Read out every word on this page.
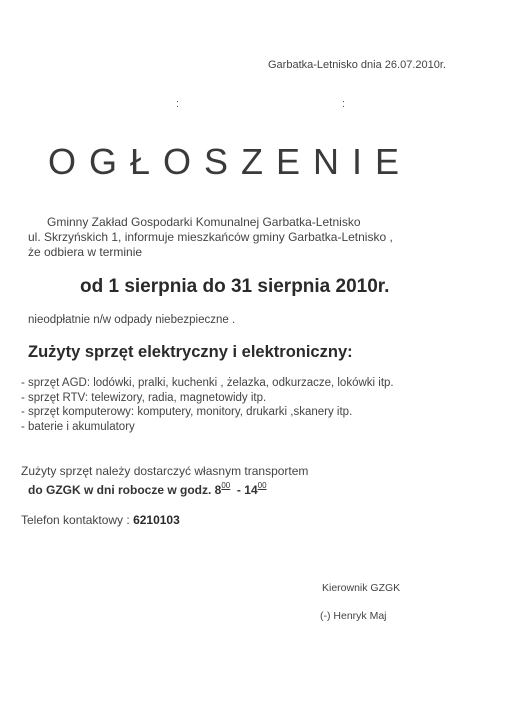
Garbatka-Letnisko dnia 26.07.2010r.
:	:
OGŁOSZENIE
Gminny Zakład Gospodarki Komunalnej Garbatka-Letnisko
ul. Skrzyńskich 1, informuje mieszkańców gminy Garbatka-Letnisko ,
że odbiera w terminie
od 1 sierpnia do 31 sierpnia 2010r.
nieodpłatnie n/w odpady niebezpieczne .
Zużyty sprzęt elektryczny i elektroniczny:
- sprzęt AGD: lodówki, pralki, kuchenki , żelazka, odkurzacze, lokówki itp.
- sprzęt RTV: telewizory, radia, magnetowidy itp.
- sprzęt komputerowy: komputery, monitory, drukarki ,skanery itp.
- baterie i akumulatory
Zużyty sprzęt należy dostarczyć własnym transportem
do GZGK w dni robocze w godz. $8^{00} - 14^{00}$
Telefon kontaktowy : 6210103
Kierownik GZGK
(-) Henryk Maj
